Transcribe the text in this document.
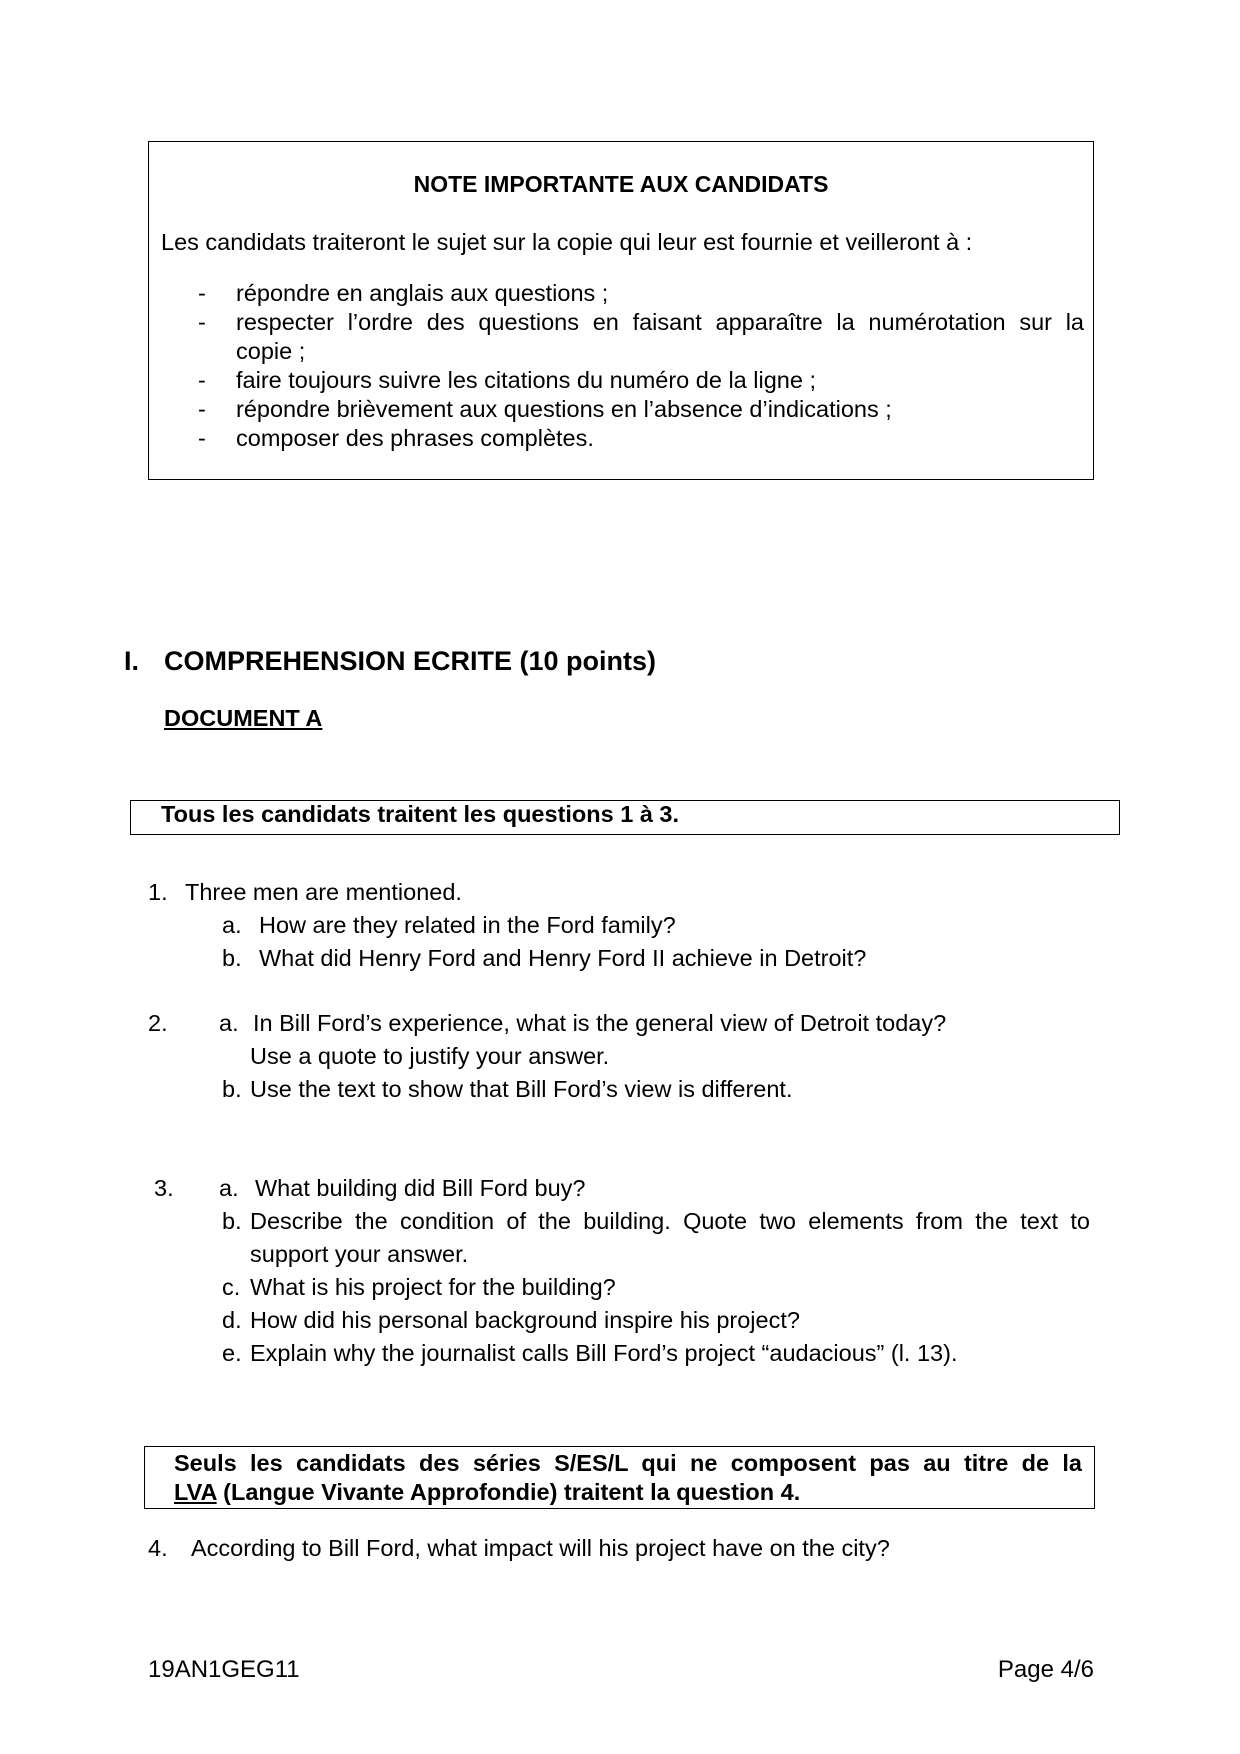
NOTE IMPORTANTE AUX CANDIDATS
Les candidats traiteront le sujet sur la copie qui leur est fournie et veilleront à :
- répondre en anglais aux questions ;
- respecter l’ordre des questions en faisant apparaître la numérotation sur la
copie ;
- faire toujours suivre les citations du numéro de la ligne ;
- répondre brièvement aux questions en l’absence d’indications ;
- composer des phrases complètes.
I. COMPREHENSION ECRITE (10 points)
DOCUMENT A
Tous les candidats traitent les questions 1 à 3.
1. Three men are mentioned.
a. How are they related in the Ford family?
b. What did Henry Ford and Henry Ford II achieve in Detroit?
2. a. In Bill Ford’s experience, what is the general view of Detroit today?
Use a quote to justify your answer.
b. Use the text to show that Bill Ford’s view is different.
3. a. What building did Bill Ford buy?
b. Describe the condition of the building. Quote two elements from the text to
support your answer.
c. What is his project for the building?
d. How did his personal background inspire his project?
e. Explain why the journalist calls Bill Ford’s project “audacious” (l. 13).
Seuls les candidats des séries S/ES/L qui ne composent pas au titre de la
LVA (Langue Vivante Approfondie) traitent la question 4.
4. According to Bill Ford, what impact will his project have on the city?
19AN1GEG11	Page 4/6
